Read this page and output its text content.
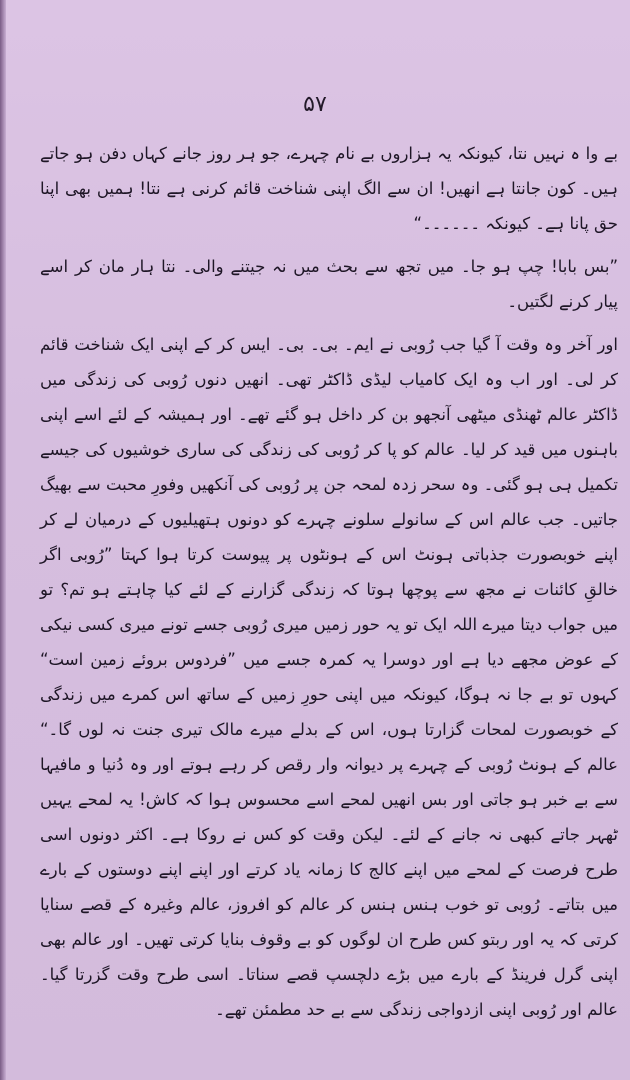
۵۷

بے وا ہ نہیں نتا، کیونکہ یہ ہزاروں بے نام چہرے، جو ہر روز جانے کہاں دفن ہو جاتے ہیں۔ کون جانتا ہے انھیں! ان سے الگ اپنی شناخت قائم کرنی ہے نتا! ہمیں بھی اپنا حق پانا ہے۔ کیونکہ ۔۔۔۔۔۔“

”بس بابا! چپ ہو جا۔ میں تجھ سے بحث میں نہ جیتنے والی۔ نتا ہار مان کر اسے پیار کرنے لگتیں۔

اور آخر وہ وقت آ گیا جب رُوبی نے ایم۔ بی۔ بی۔ ایس کر کے اپنی ایک شناخت قائم کر لی۔ اور اب وہ ایک کامیاب لیڈی ڈاکٹر تھی۔ انھیں دنوں رُوبی کی زندگی میں ڈاکٹر عالم ٹھنڈی میٹھی آنجھو بن کر داخل ہو گئے تھے۔ اور ہمیشہ کے لئے اسے اپنی باہنوں میں قید کر لیا۔ عالم کو پا کر رُوبی کی زندگی کی ساری خوشیوں کی جیسے تکمیل ہی ہو گئی۔ وہ سحر زدہ لمحہ جن پر رُوبی کی آنکھیں وفورِ محبت سے بھیگ جاتیں۔ جب عالم اس کے سانولے سلونے چہرے کو دونوں ہتھیلیوں کے درمیان لے کر اپنے خوبصورت جذباتی ہونٹ اس کے ہونٹوں پر پیوست کرتا ہوا کہتا ”رُوبی اگر خالقِ کائنات نے مجھ سے پوچھا ہوتا کہ زندگی گزارنے کے لئے کیا چاہتے ہو تم؟ تو میں جواب دیتا میرے اللہ ایک تو یہ حور زمیں میری رُوبی جسے تونے میری کسی نیکی کے عوض مجھے دیا ہے اور دوسرا یہ کمرہ جسے میں ”فردوس بروئے زمین است“ کہوں تو بے جا نہ ہوگا، کیونکہ میں اپنی حورِ زمیں کے ساتھ اس کمرے میں زندگی کے خوبصورت لمحات گزارتا ہوں، اس کے بدلے میرے مالک تیری جنت نہ لوں گا۔“ عالم کے ہونٹ رُوبی کے چہرے پر دیوانہ وار رقص کر رہے ہوتے اور وہ دُنیا و مافیہا سے بے خبر ہو جاتی اور بس انھیں لمحے اسے محسوس ہوا کہ کاش! یہ لمحے یہیں ٹھہر جاتے کبھی نہ جانے کے لئے۔ لیکن وقت کو کس نے روکا ہے۔ اکثر دونوں اسی طرح فرصت کے لمحے میں اپنے کالج کا زمانہ یاد کرتے اور اپنے اپنے دوستوں کے بارے میں بتاتے۔ رُوبی تو خوب ہنس ہنس کر عالم کو افروز، عالم وغیرہ کے قصے سنایا کرتی کہ یہ اور ربتو کس طرح ان لوگوں کو بے وقوف بنایا کرتی تھیں۔ اور عالم بھی اپنی گرل فرینڈ کے بارے میں بڑے دلچسپ قصے سناتا۔ اسی طرح وقت گزرتا گیا۔ عالم اور رُوبی اپنی ازدواجی زندگی سے بے حد مطمئن تھے۔
